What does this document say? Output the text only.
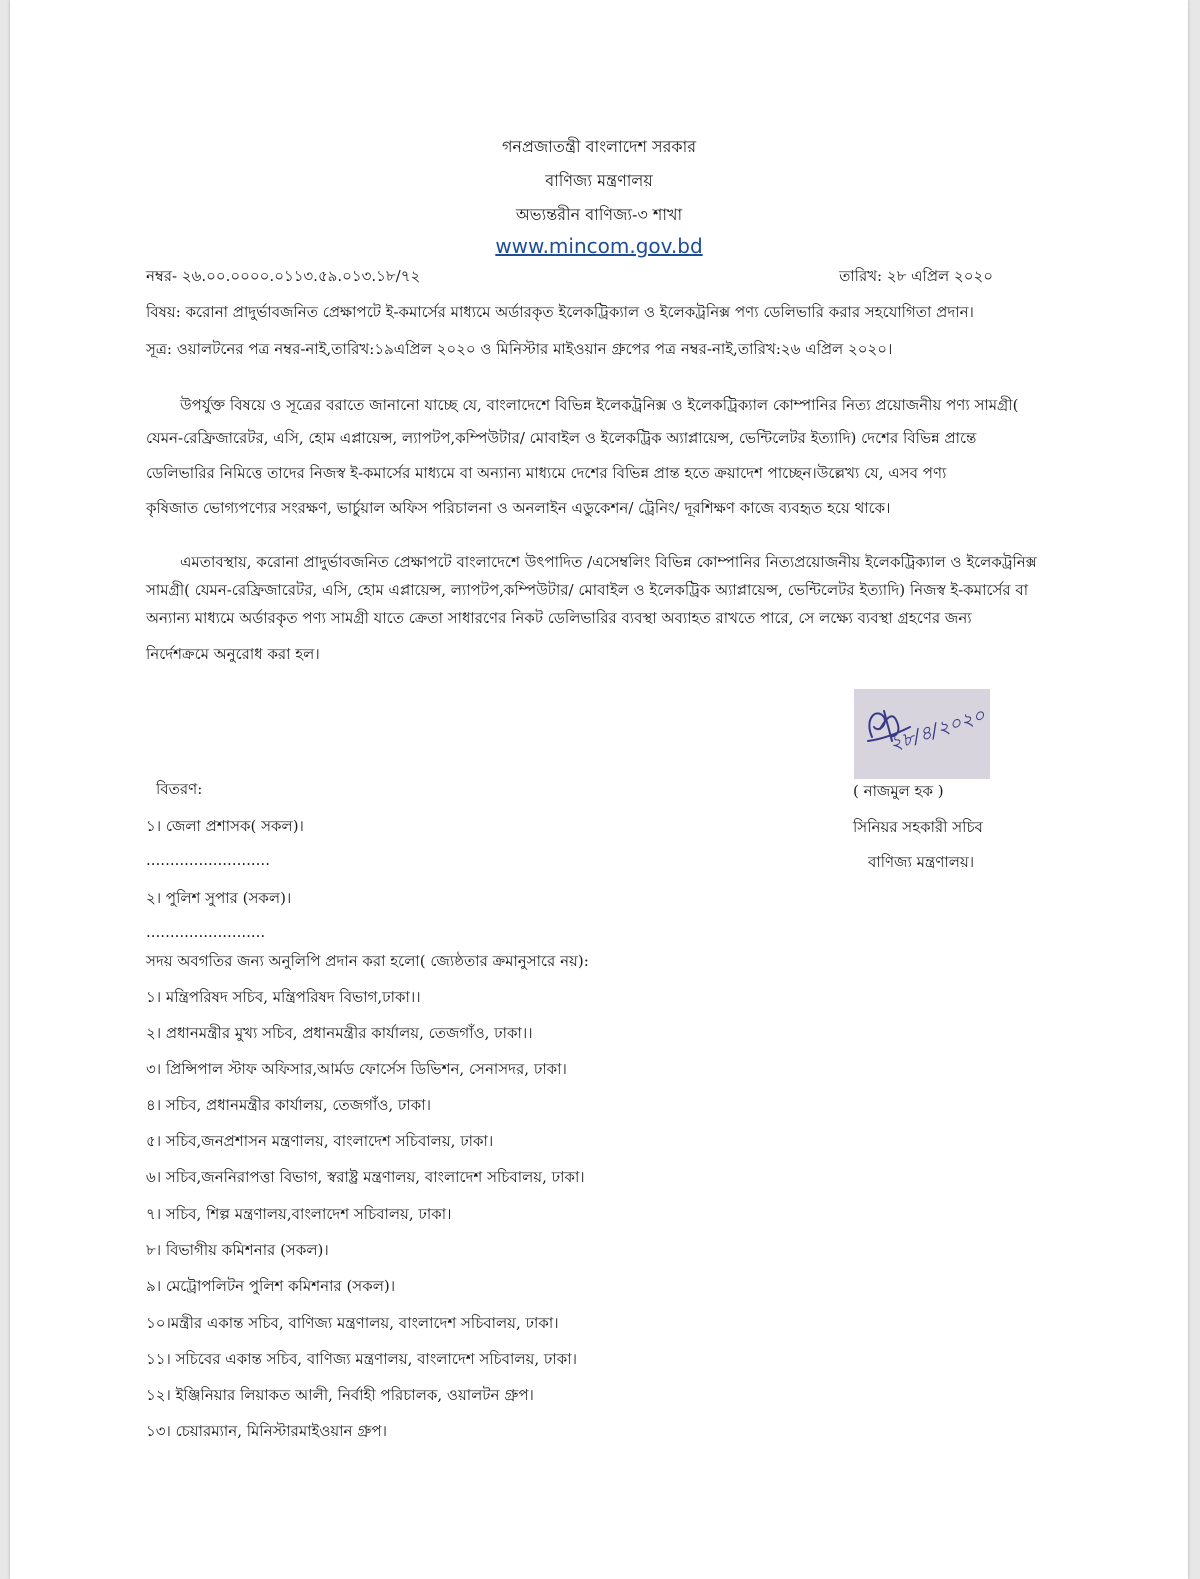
গনপ্রজাতন্ত্রী বাংলাদেশ সরকার
বাণিজ্য মন্ত্রণালয়
অভ্যন্তরীন বাণিজ্য-৩ শাখা
www.mincom.gov.bd
নম্বর- ২৬.০০.০০০০.০১১৩.৫৯.০১৩.১৮/৭২	তারিখ: ২৮ এপ্রিল ২০২০
বিষয়: করোনা প্রাদুর্ভাবজনিত প্রেক্ষাপটে ই-কমার্সের মাধ্যমে অর্ডারকৃত ইলেকট্রিক্যাল ও ইলেকট্রনিক্স পণ্য ডেলিভারি করার সহযোগিতা প্রদান।
সূত্র: ওয়ালটনের পত্র নম্বর-নাই,তারিখ:১৯এপ্রিল ২০২০ ও মিনিস্টার মাইওয়ান গ্রুপের পত্র নম্বর-নাই,তারিখ:২৬ এপ্রিল ২০২০।
উপর্যুক্ত বিষয়ে ও সূত্রের বরাতে জানানো যাচ্ছে যে, বাংলাদেশে বিভিন্ন ইলেকট্রনিক্স ও ইলেকট্রিক্যাল কোম্পানির নিত্য প্রয়োজনীয় পণ্য সামগ্রী(
যেমন-রেফ্রিজারেটর, এসি, হোম এপ্লায়েন্স, ল্যাপটপ,কম্পিউটার/ মোবাইল ও ইলেকট্রিক অ্যাপ্লায়েন্স, ভেন্টিলেটর ইত্যাদি) দেশের বিভিন্ন প্রান্তে
ডেলিভারির নিমিত্তে তাদের নিজস্ব ই-কমার্সের মাধ্যমে বা অন্যান্য মাধ্যমে দেশের বিভিন্ন প্রান্ত হতে ক্রয়াদেশ পাচ্ছেন।উল্লেখ্য যে, এসব পণ্য
কৃষিজাত ভোগ্যপণ্যের সংরক্ষণ, ভার্চুয়াল অফিস পরিচালনা ও অনলাইন এডুকেশন/ ট্রেনিং/ দূরশিক্ষণ কাজে ব্যবহৃত হয়ে থাকে।
এমতাবস্থায়, করোনা প্রাদুর্ভাবজনিত প্রেক্ষাপটে বাংলাদেশে উৎপাদিত /এসেম্বলিং বিভিন্ন কোম্পানির নিত্যপ্রয়োজনীয় ইলেকট্রিক্যাল ও ইলেকট্রনিক্স
সামগ্রী( যেমন-রেফ্রিজারেটর, এসি, হোম এপ্লায়েন্স, ল্যাপটপ,কম্পিউটার/ মোবাইল ও ইলেকট্রিক অ্যাপ্লায়েন্স, ভেন্টিলেটর ইত্যাদি) নিজস্ব ই-কমার্সের বা
অন্যান্য মাধ্যমে অর্ডারকৃত পণ্য সামগ্রী যাতে ক্রেতা সাধারণের নিকট ডেলিভারির ব্যবস্থা অব্যাহত রাখতে পারে, সে লক্ষ্যে ব্যবস্থা গ্রহণের জন্য
নির্দেশক্রমে অনুরোধ করা হল।
২৮/৪/২০২০
( নাজমুল হক )
সিনিয়র সহকারী সচিব
বাণিজ্য মন্ত্রণালয়।
বিতরণ:
১। জেলা প্রশাসক( সকল)।
..........................
২। পুলিশ সুপার (সকল)।
.........................
সদয় অবগতির জন্য অনুলিপি প্রদান করা হলো( জ্যেষ্ঠতার ক্রমানুসারে নয়):
১। মন্ত্রিপরিষদ সচিব, মন্ত্রিপরিষদ বিভাগ,ঢাকা।।
২। প্রধানমন্ত্রীর মুখ্য সচিব, প্রধানমন্ত্রীর কার্যালয়, তেজগাঁও, ঢাকা।।
৩। প্রিন্সিপাল স্টাফ অফিসার,আর্মড ফোর্সেস ডিভিশন, সেনাসদর, ঢাকা।
৪। সচিব, প্রধানমন্ত্রীর কার্যালয়, তেজগাঁও, ঢাকা।
৫। সচিব,জনপ্রশাসন মন্ত্রণালয়, বাংলাদেশ সচিবালয়, ঢাকা।
৬। সচিব,জননিরাপত্তা বিভাগ, স্বরাষ্ট্র মন্ত্রণালয়, বাংলাদেশ সচিবালয়, ঢাকা।
৭। সচিব, শিল্প মন্ত্রণালয়,বাংলাদেশ সচিবালয়, ঢাকা।
৮। বিভাগীয় কমিশনার (সকল)।
৯। মেট্রোপলিটন পুলিশ কমিশনার (সকল)।
১০।মন্ত্রীর একান্ত সচিব, বাণিজ্য মন্ত্রণালয়, বাংলাদেশ সচিবালয়, ঢাকা।
১১। সচিবের একান্ত সচিব, বাণিজ্য মন্ত্রণালয়, বাংলাদেশ সচিবালয়, ঢাকা।
১২। ইঞ্জিনিয়ার লিয়াকত আলী, নির্বাহী পরিচালক, ওয়ালটন গ্রুপ।
১৩। চেয়ারম্যান, মিনিস্টারমাইওয়ান গ্রুপ।
